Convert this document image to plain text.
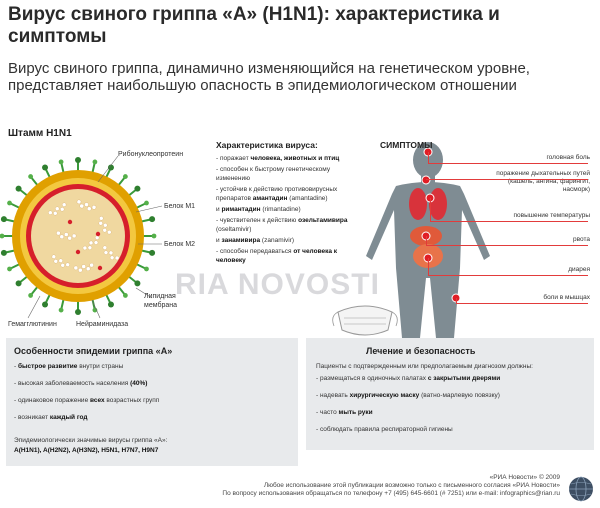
Вирус свиного гриппа «А» (H1N1): характеристика и симптомы
Вирус свиного гриппа, динамично изменяющийся на генетическом уровне, представляет наибольшую опасность в эпидемиологическом отношении
Штамм H1N1
Рибонуклеопротеин
Белок М1
Белок М2
Липидная
мембрана
Гемагглютинин	Нейраминидаза
Характеристика вируса:
- поражает человека, животных и птиц
- способен к быстрому генетическому изменению
- устойчив к действию противовирусных препаратов амантадин (amantadine)
и римантадин (rimantadine)
- чувствителен к действию озельтамивира (oseltamivir)
и занамивира (zanamivir)
- способен передаваться от человека к человеку
СИМПТОМЫ
головная боль
поражение дыхательных путей (кашель, ангина, фарингит, насморк)
повышение температуры
рвота
диарея
боли в мышцах
RIA NOVOSTI
Особенности эпидемии гриппа «А»
- быстрое развитие внутри страны
- высокая заболеваемость населения (40%)
- одинаковое поражение всех возрастных групп
- возникает каждый год
Эпидемиологически значимые вирусы гриппа «А»:
A(H1N1), A(H2N2), A(H3N2), H5N1, H7N7, H9N7
Лечение и безопасность
Пациенты с подтвержденным или предполагаемым диагнозом должны:
- размещаться в одиночных палатах с закрытыми дверями
- надевать хирургическую маску (ватно-марлевую повязку)
- часто мыть руки
- соблюдать правила респираторной гигиены
«РИА Новости» © 2009
Любое использование этой публикации возможно только с письменного согласия «РИА Новости»
По вопросу использования обращаться по телефону +7 (495) 645-6601 (# 7251) или e-mail: infographics@rian.ru
